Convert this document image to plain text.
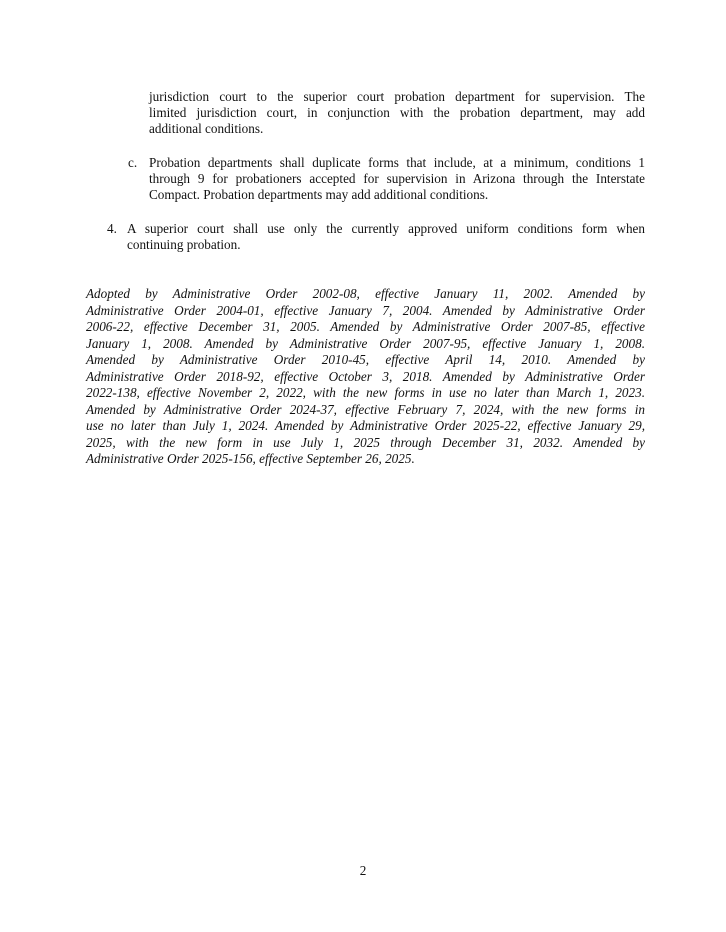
jurisdiction court to the superior court probation department for supervision. The
limited jurisdiction court, in conjunction with the probation department, may add
additional conditions.
c. Probation departments shall duplicate forms that include, at a minimum, conditions 1
through 9 for probationers accepted for supervision in Arizona through the Interstate
Compact. Probation departments may add additional conditions.
4. A superior court shall use only the currently approved uniform conditions form when
continuing probation.
Adopted by Administrative Order 2002-08, effective January 11, 2002. Amended by
Administrative Order 2004-01, effective January 7, 2004. Amended by Administrative Order
2006-22, effective December 31, 2005. Amended by Administrative Order 2007-85, effective
January 1, 2008. Amended by Administrative Order 2007-95, effective January 1, 2008.
Amended by Administrative Order 2010-45, effective April 14, 2010. Amended by
Administrative Order 2018-92, effective October 3, 2018. Amended by Administrative Order
2022-138, effective November 2, 2022, with the new forms in use no later than March 1, 2023.
Amended by Administrative Order 2024-37, effective February 7, 2024, with the new forms in
use no later than July 1, 2024. Amended by Administrative Order 2025-22, effective January 29,
2025, with the new form in use July 1, 2025 through December 31, 2032. Amended by
Administrative Order 2025-156, effective September 26, 2025.
2
